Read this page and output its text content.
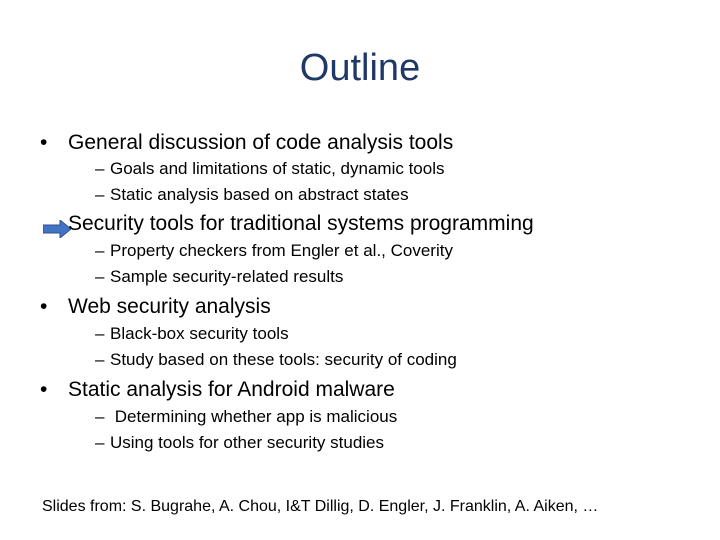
Outline
• General discussion of code analysis tools
– Goals and limitations of static, dynamic tools
– Static analysis based on abstract states
Security tools for traditional systems programming
– Property checkers from Engler et al., Coverity
– Sample security-related results
• Web security analysis
– Black-box security tools
– Study based on these tools: security of coding
• Static analysis for Android malware
– Determining whether app is malicious
– Using tools for other security studies
Slides from: S. Bugrahe, A. Chou, I&T Dillig, D. Engler, J. Franklin, A. Aiken, …
